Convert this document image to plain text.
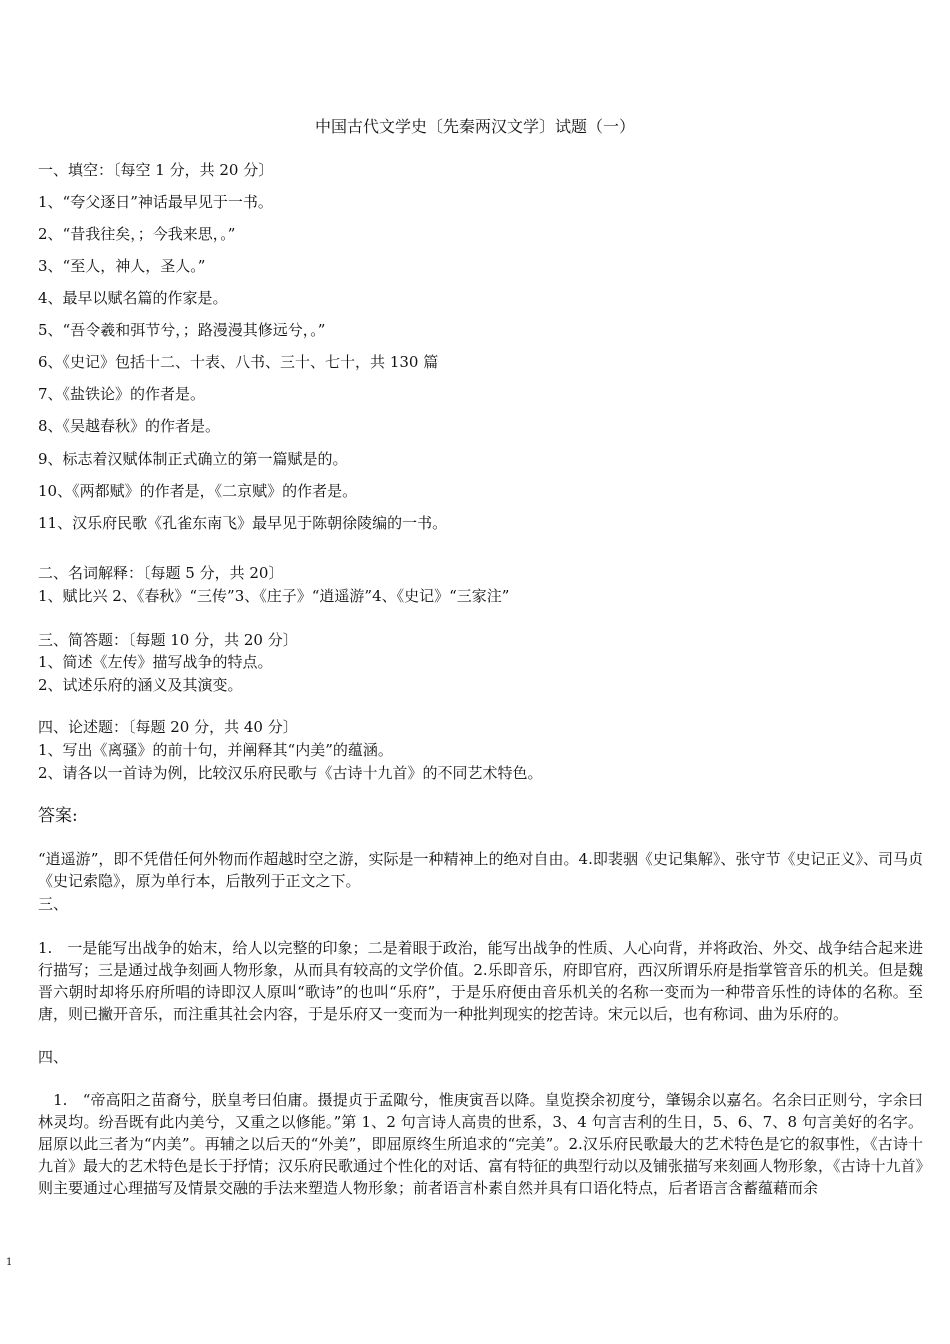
中国古代文学史〔先秦两汉文学〕试题（一）
一、填空：〔每空 1 分，共 20 分〕
1、“夸父逐日”神话最早见于一书。
2、“昔我往矣，；今我来思，。”
3、“至人，神人，圣人。”
4、最早以赋名篇的作家是。
5、“吾令羲和弭节兮，；路漫漫其修远兮，。”
6、《史记》包括十二、十表、八书、三十、七十，共 130 篇
7、《盐铁论》的作者是。
8、《吴越春秋》的作者是。
9、标志着汉赋体制正式确立的第一篇赋是的。
10、《两都赋》的作者是，《二京赋》的作者是。
11、汉乐府民歌《孔雀东南飞》最早见于陈朝徐陵编的一书。
二、名词解释：〔每题 5 分，共 20〕
1、赋比兴 2、《春秋》“三传”3、《庄子》“逍遥游”4、《史记》“三家注”
三、简答题：〔每题 10 分，共 20 分〕
1、简述《左传》描写战争的特点。
2、试述乐府的涵义及其演变。
四、论述题：〔每题 20 分，共 40 分〕
1、写出《离骚》的前十句，并阐释其“内美”的蕴涵。
2、请各以一首诗为例，比较汉乐府民歌与《古诗十九首》的不同艺术特色。
答案:
“逍遥游”，即不凭借任何外物而作超越时空之游，实际是一种精神上的绝对自由。4.即裴骃《史记集解》、张守节《史记正义》、司马贞《史记索隐》，原为单行本，后散列于正文之下。
三、
1.　一是能写出战争的始末，给人以完整的印象；二是着眼于政治，能写出战争的性质、人心向背，并将政治、外交、战争结合起来进行描写；三是通过战争刻画人物形象，从而具有较高的文学价值。2.乐即音乐，府即官府，西汉所谓乐府是指掌管音乐的机关。但是魏晋六朝时却将乐府所唱的诗即汉人原叫“歌诗”的也叫“乐府”，于是乐府便由音乐机关的名称一变而为一种带音乐性的诗体的名称。至唐，则已撇开音乐，而注重其社会内容，于是乐府又一变而为一种批判现实的挖苦诗。宋元以后，也有称词、曲为乐府的。
四、
　1.　“帝高阳之苗裔兮，朕皇考曰伯庸。摄提贞于孟陬兮，惟庚寅吾以降。皇览揆余初度兮，肇锡余以嘉名。名余曰正则兮，字余曰林灵均。纷吾既有此内美兮，又重之以修能。”第 1、2 句言诗人高贵的世系，3、4 句言吉利的生日，5、6、7、8 句言美好的名字。屈原以此三者为“内美”。再辅之以后天的“外美”，即屈原终生所追求的“完美”。2.汉乐府民歌最大的艺术特色是它的叙事性，《古诗十九首》最大的艺术特色是长于抒情；汉乐府民歌通过个性化的对话、富有特征的典型行动以及铺张描写来刻画人物形象，《古诗十九首》则主要通过心理描写及情景交融的手法来塑造人物形象；前者语言朴素自然并具有口语化特点，后者语言含蓄蕴藉而余
1
